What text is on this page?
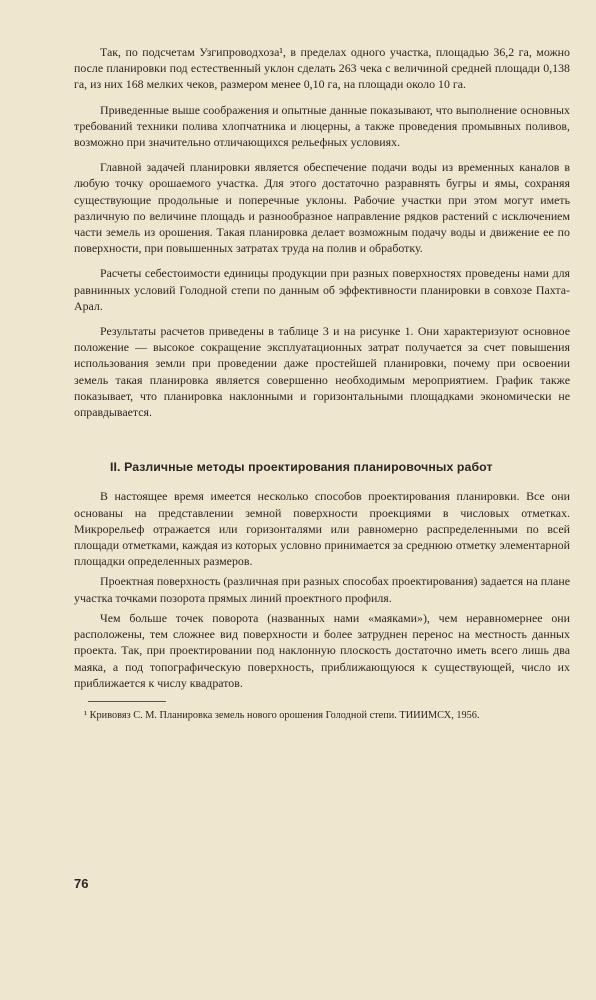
Так, по подсчетам Узгипроводхоза¹, в пределах одного участка, площадью 36,2 га, можно после планировки под естественный уклон сделать 263 чека с величиной средней площади 0,138 га, из них 168 мелких чеков, размером менее 0,10 га, на площади около 10 га.

Приведенные выше соображения и опытные данные показывают, что выполнение основных требований техники полива хлопчатника и люцерны, а также проведения промывных поливов, возможно при значительно отличающихся рельефных условиях.

Главной задачей планировки является обеспечение подачи воды из временных каналов в любую точку орошаемого участка. Для этого достаточно разравнять бугры и ямы, сохраняя существующие продольные и поперечные уклоны. Рабочие участки при этом могут иметь различную по величине площадь и разнообразное направление рядков растений с исключением части земель из орошения. Такая планировка делает возможным подачу воды и движение ее по поверхности, при повышенных затратах труда на полив и обработку.

Расчеты себестоимости единицы продукции при разных поверхностях проведены нами для равнинных условий Голодной степи по данным об эффективности планировки в совхозе Пахта-Арал.

Результаты расчетов приведены в таблице 3 и на рисунке 1. Они характеризуют основное положение — высокое сокращение эксплуатационных затрат получается за счет повышения использования земли при проведении даже простейшей планировки, почему при освоении земель такая планировка является совершенно необходимым мероприятием. График также показывает, что планировка наклонными и горизонтальными площадками экономически не оправдывается.

II. Различные методы проектирования планировочных работ

В настоящее время имеется несколько способов проектирования планировки. Все они основаны на представлении земной поверхности проекциями в числовых отметках. Микрорельеф отражается или горизонталями или равномерно распределенными по всей площади отметками, каждая из которых условно принимается за среднюю отметку элементарной площадки определенных размеров.

Проектная поверхность (различная при разных способах проектирования) задается на плане участка точками позорота прямых линий проектного профиля.

Чем больше точек поворота (названных нами «маяками»), чем неравномернее они расположены, тем сложнее вид поверхности и более затруднен перенос на местность данных проекта. Так, при проектировании под наклонную плоскость достаточно иметь всего лишь два маяка, а под топографическую поверхность, приближающуюся к существующей, число их приближается к числу квадратов.

¹ Кривовяз С. М. Планировка земель нового орошения Голодной степи. ТИИИМСХ, 1956.

76
